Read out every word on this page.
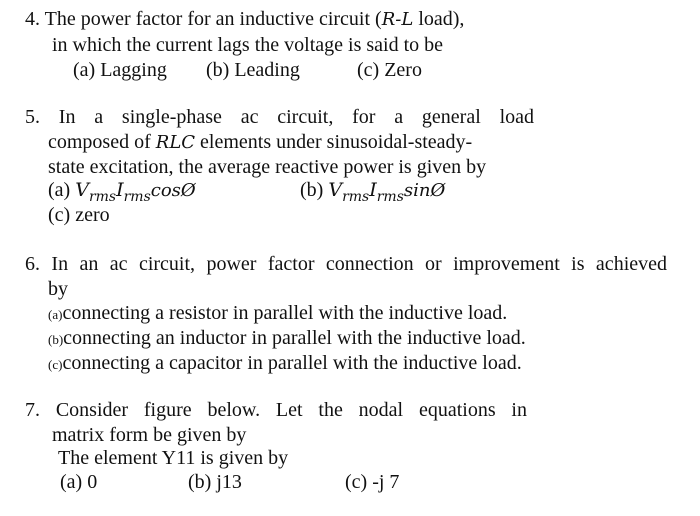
4. The power factor for an inductive circuit (R-L load),
in which the current lags the voltage is said to be
(a) Lagging (b) Leading	(c) Zero
5. In a single-phase ac circuit, for a general load
composed of RLC elements under sinusoidal-steady-
state excitation, the average reactive power is given by
(a) $V_{rms}I_{rms}\cos Ø$	(b) $V_{rms}I_{rms}\sin Ø$
(c) zero
6. In an ac circuit, power factor connection or improvement is achieved
by
(a)connecting a resistor in parallel with the inductive load.
(b)connecting an inductor in parallel with the inductive load.
(c)connecting a capacitor in parallel with the inductive load.
7. Consider figure below. Let the nodal equations in
matrix form be given by
The element Y11 is given by
(a) 0	(b) j13	(c) -j 7
